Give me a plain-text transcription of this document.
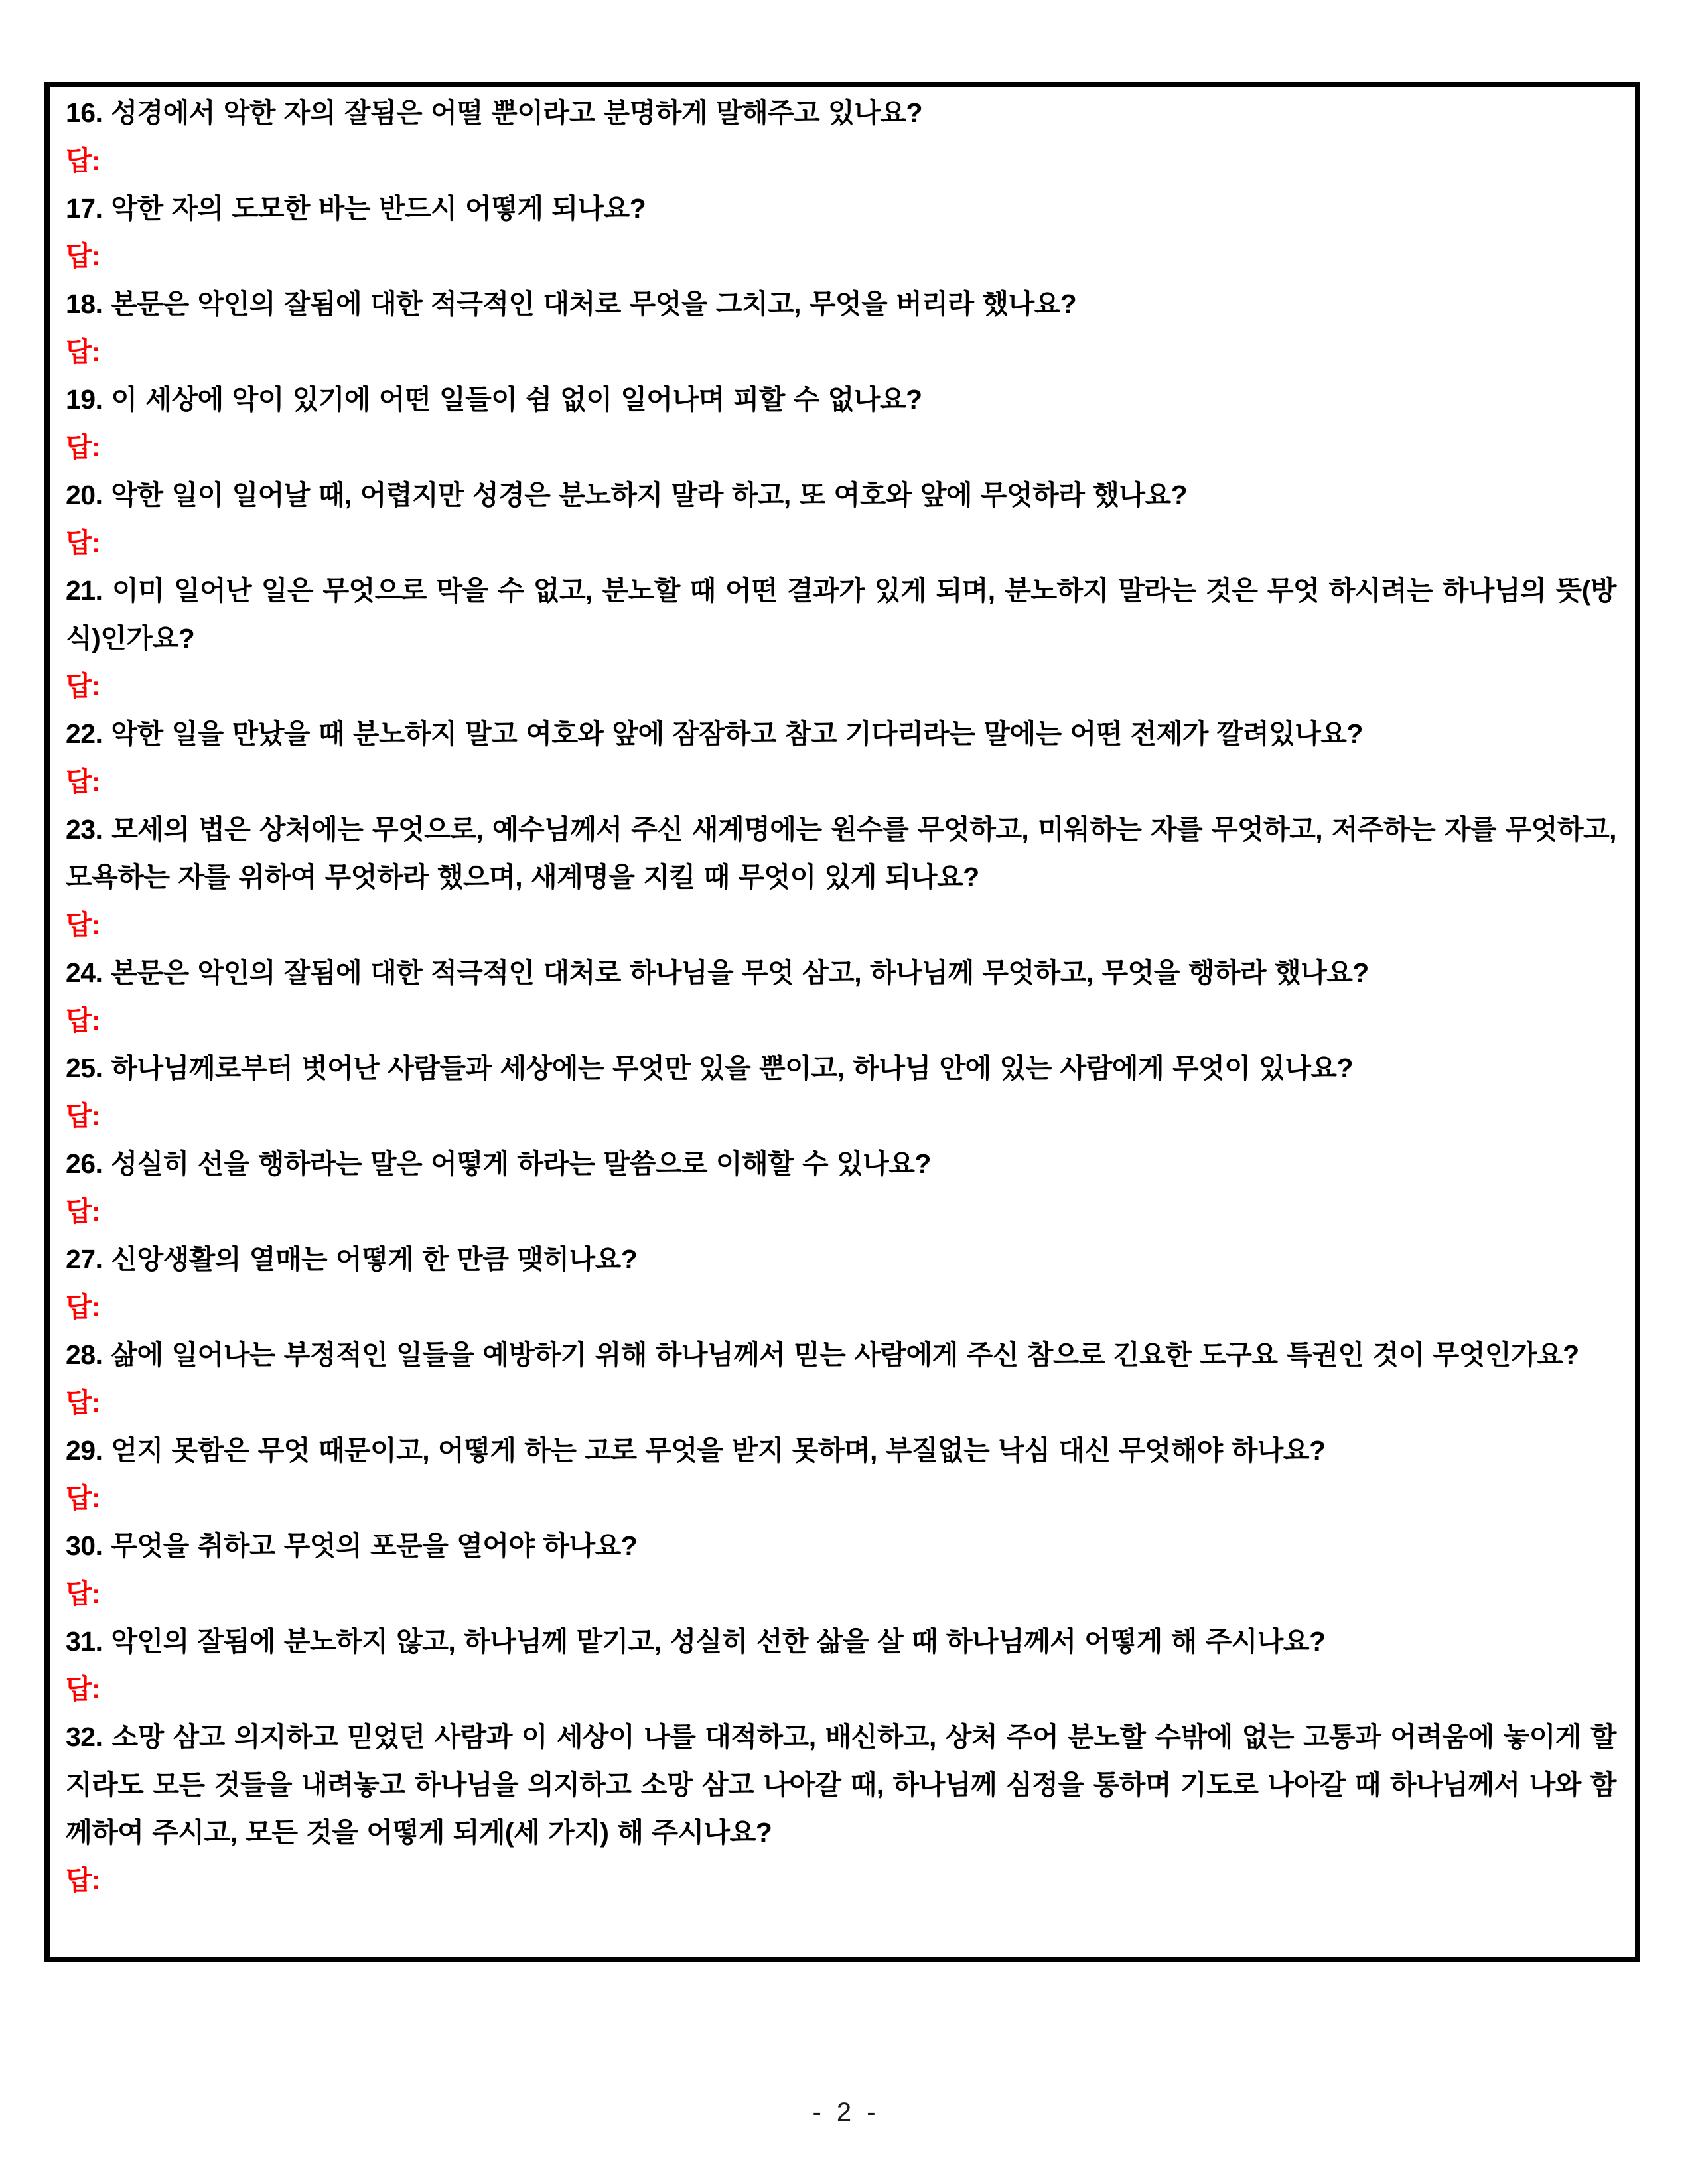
16. 성경에서 악한 자의 잘됨은 어떨 뿐이라고 분명하게 말해주고 있나요?

답:

17. 악한 자의 도모한 바는 반드시 어떻게 되나요?

답:

18. 본문은 악인의 잘됨에 대한 적극적인 대처로 무엇을 그치고, 무엇을 버리라 했나요?

답:

19. 이 세상에 악이 있기에 어떤 일들이 쉼 없이 일어나며 피할 수 없나요?

답:

20. 악한 일이 일어날 때, 어렵지만 성경은 분노하지 말라 하고, 또 여호와 앞에 무엇하라 했나요?

답:

21. 이미 일어난 일은 무엇으로 막을 수 없고, 분노할 때 어떤 결과가 있게 되며, 분노하지 말라는 것은 무엇 하시려는 하나님의 뜻(방식)인가요?

답:

22. 악한 일을 만났을 때 분노하지 말고 여호와 앞에 잠잠하고 참고 기다리라는 말에는 어떤 전제가 깔려있나요?

답:

23. 모세의 법은 상처에는 무엇으로, 예수님께서 주신 새계명에는 원수를 무엇하고, 미워하는 자를 무엇하고, 저주하는 자를 무엇하고, 모욕하는 자를 위하여 무엇하라 했으며, 새계명을 지킬 때 무엇이 있게 되나요?

답:

24. 본문은 악인의 잘됨에 대한 적극적인 대처로 하나님을 무엇 삼고, 하나님께 무엇하고, 무엇을 행하라 했나요?

답:

25. 하나님께로부터 벗어난 사람들과 세상에는 무엇만 있을 뿐이고, 하나님 안에 있는 사람에게 무엇이 있나요?

답:

26. 성실히 선을 행하라는 말은 어떻게 하라는 말씀으로 이해할 수 있나요?

답:

27. 신앙생활의 열매는 어떻게 한 만큼 맺히나요?

답:

28. 삶에 일어나는 부정적인 일들을 예방하기 위해 하나님께서 믿는 사람에게 주신 참으로 긴요한 도구요 특권인 것이 무엇인가요?

답:

29. 얻지 못함은 무엇 때문이고, 어떻게 하는 고로 무엇을 받지 못하며, 부질없는 낙심 대신 무엇해야 하나요?

답:

30. 무엇을 취하고 무엇의 포문을 열어야 하나요?

답:

31. 악인의 잘됨에 분노하지 않고, 하나님께 맡기고, 성실히 선한 삶을 살 때 하나님께서 어떻게 해 주시나요?

답:

32. 소망 삼고 의지하고 믿었던 사람과 이 세상이 나를 대적하고, 배신하고, 상처 주어 분노할 수밖에 없는 고통과 어려움에 놓이게 할지라도 모든 것들을 내려놓고 하나님을 의지하고 소망 삼고 나아갈 때, 하나님께 심정을 통하며 기도로 나아갈 때 하나님께서 나와 함께하여 주시고, 모든 것을 어떻게 되게(세 가지) 해 주시나요?

답:

- 2 -
